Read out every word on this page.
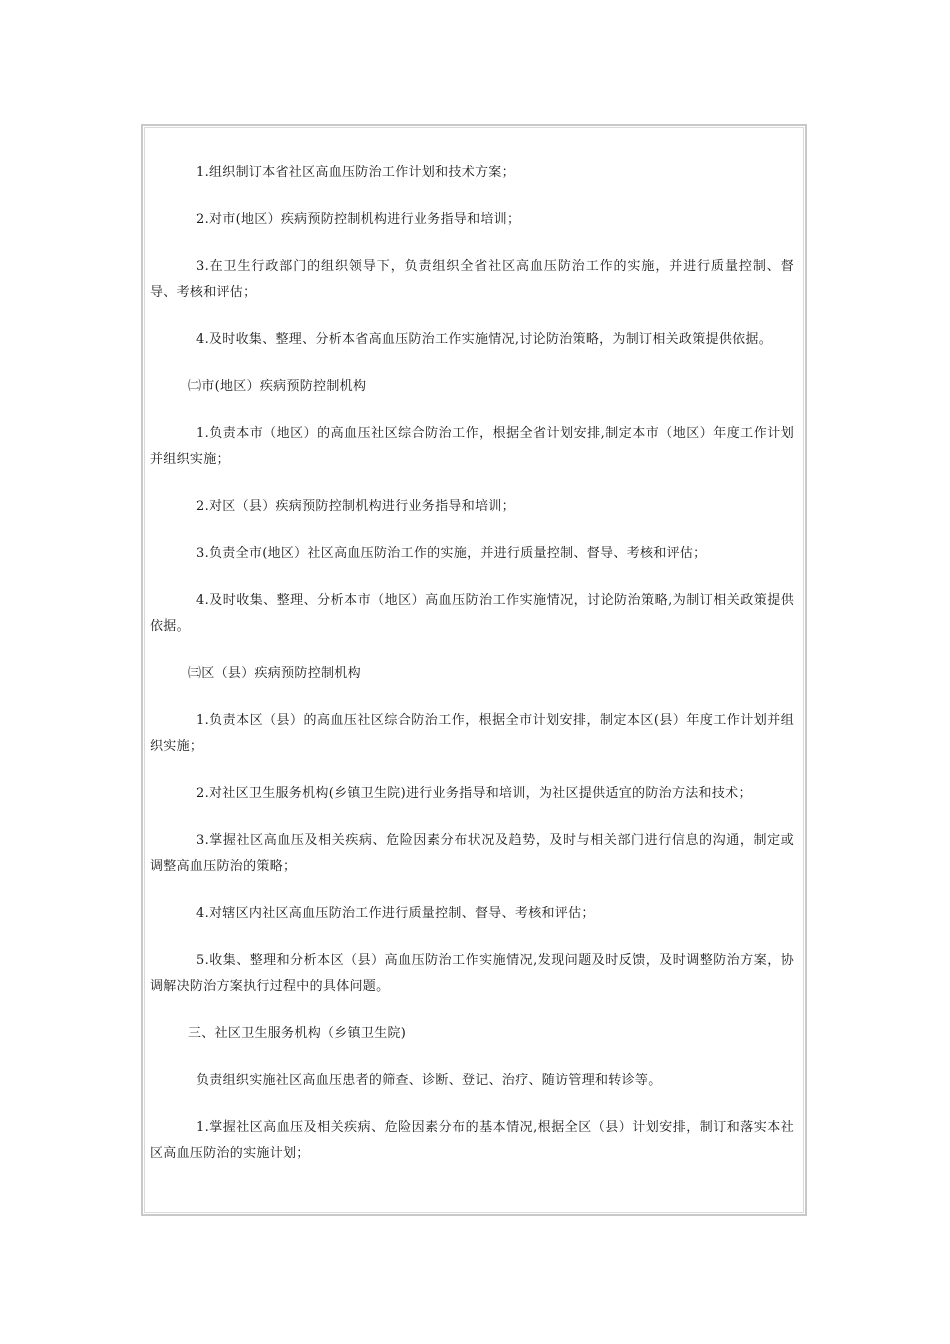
1.组织制订本省社区高血压防治工作计划和技术方案；

2.对市(地区）疾病预防控制机构进行业务指导和培训；

3.在卫生行政部门的组织领导下，负责组织全省社区高血压防治工作的实施，并进行质量控制、督导、考核和评估；

4.及时收集、整理、分析本省高血压防治工作实施情况,讨论防治策略，为制订相关政策提供依据。

㈡市(地区）疾病预防控制机构

1.负责本市（地区）的高血压社区综合防治工作，根据全省计划安排,制定本市（地区）年度工作计划并组织实施；

2.对区（县）疾病预防控制机构进行业务指导和培训；

3.负责全市(地区）社区高血压防治工作的实施，并进行质量控制、督导、考核和评估；

4.及时收集、整理、分析本市（地区）高血压防治工作实施情况，讨论防治策略,为制订相关政策提供依据。

㈢区（县）疾病预防控制机构

1.负责本区（县）的高血压社区综合防治工作，根据全市计划安排，制定本区(县）年度工作计划并组织实施；

2.对社区卫生服务机构(乡镇卫生院)进行业务指导和培训，为社区提供适宜的防治方法和技术；

3.掌握社区高血压及相关疾病、危险因素分布状况及趋势，及时与相关部门进行信息的沟通，制定或调整高血压防治的策略；

4.对辖区内社区高血压防治工作进行质量控制、督导、考核和评估；

5.收集、整理和分析本区（县）高血压防治工作实施情况,发现问题及时反馈，及时调整防治方案，协调解决防治方案执行过程中的具体问题。

三、社区卫生服务机构（乡镇卫生院)

负责组织实施社区高血压患者的筛查、诊断、登记、治疗、随访管理和转诊等。

1.掌握社区高血压及相关疾病、危险因素分布的基本情况,根据全区（县）计划安排，制订和落实本社区高血压防治的实施计划；
